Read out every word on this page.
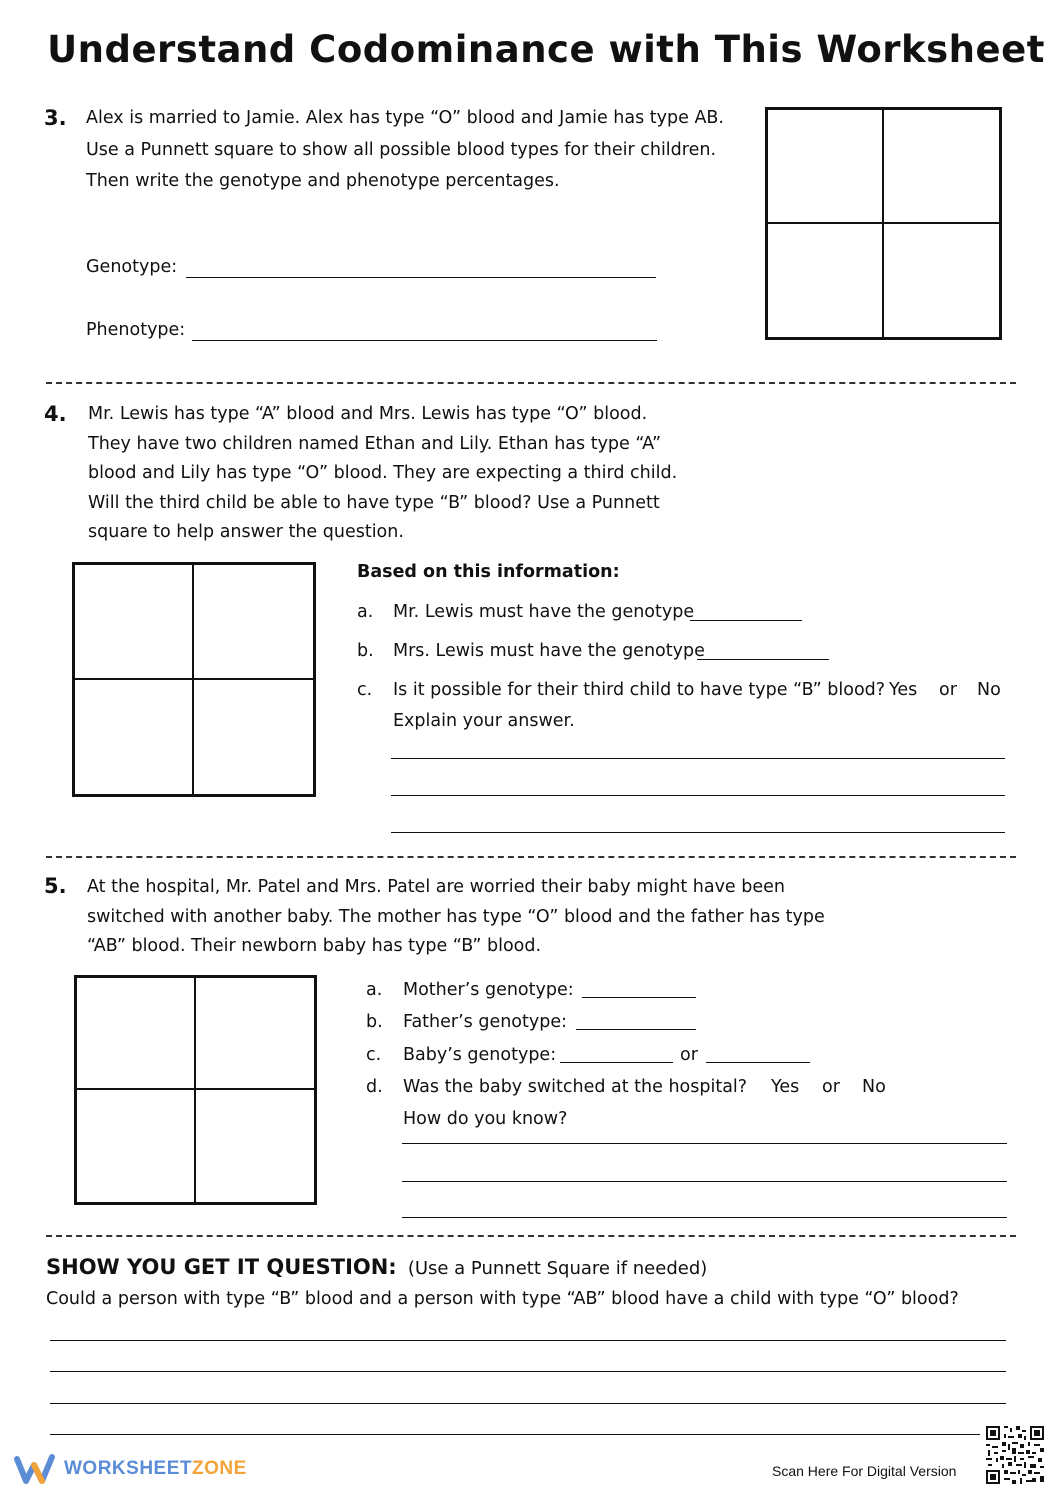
Understand Codominance with This Worksheet
3. Alex is married to Jamie. Alex has type “O” blood and Jamie has type AB.
Use a Punnett square to show all possible blood types for their children.
Then write the genotype and phenotype percentages.
Genotype:
Phenotype:
4. Mr. Lewis has type “A” blood and Mrs. Lewis has type “O” blood.
They have two children named Ethan and Lily. Ethan has type “A”
blood and Lily has type “O” blood. They are expecting a third child.
Will the third child be able to have type “B” blood? Use a Punnett
square to help answer the question.
Based on this information:
a. Mr. Lewis must have the genotype
b. Mrs. Lewis must have the genotype
c. Is it possible for their third child to have type “B” blood? Yes or No
Explain your answer.
5. At the hospital, Mr. Patel and Mrs. Patel are worried their baby might have been
switched with another baby. The mother has type “O” blood and the father has type
“AB” blood. Their newborn baby has type “B” blood.
a. Mother’s genotype:
b. Father’s genotype:
c. Baby’s genotype:	or
d. Was the baby switched at the hospital? Yes or No
How do you know?
SHOW YOU GET IT QUESTION: (Use a Punnett Square if needed)
Could a person with type “B” blood and a person with type “AB” blood have a child with type “O” blood?
WORKSHEETZONE	Scan Here For Digital Version
